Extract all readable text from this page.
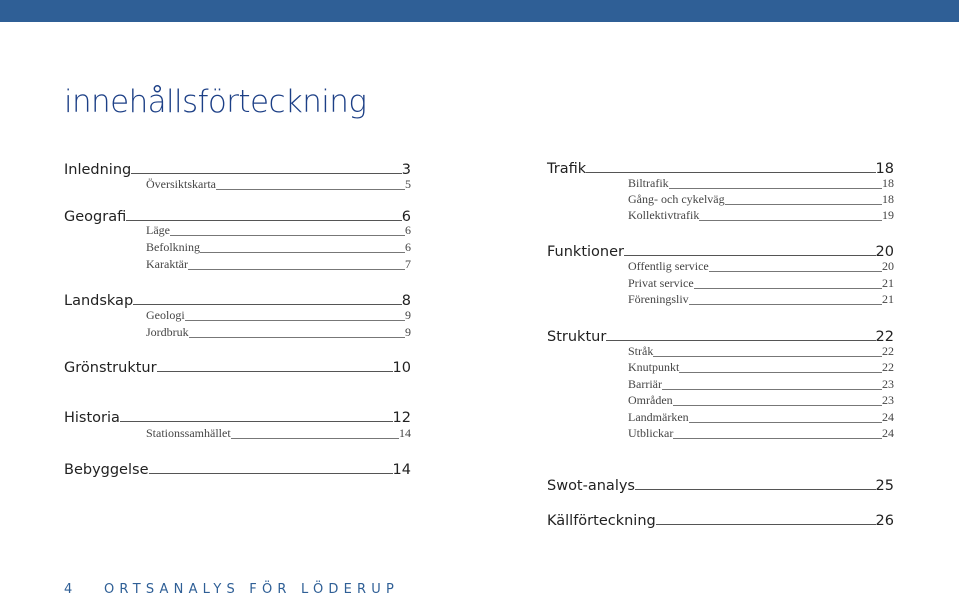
innehållsförteckning
Inledning	3
Översiktskarta	5
Geografi	6
Läge	6
Befolkning	6
Karaktär	7
Landskap	8
Geologi	9
Jordbruk	9
Grönstruktur	10
Historia	12
Stationssamhället	14
Bebyggelse	14
Trafik	18
Biltrafik	18
Gång- och cykelväg	18
Kollektivtrafik	19
Funktioner	20
Offentlig service	20
Privat service	21
Föreningsliv	21
Struktur	22
Stråk	22
Knutpunkt	22
Barriär	23
Områden	23
Landmärken	24
Utblickar	24
Swot-analys	25
Källförteckning	26
4 ORTSANALYS FÖR LÖDERUP
